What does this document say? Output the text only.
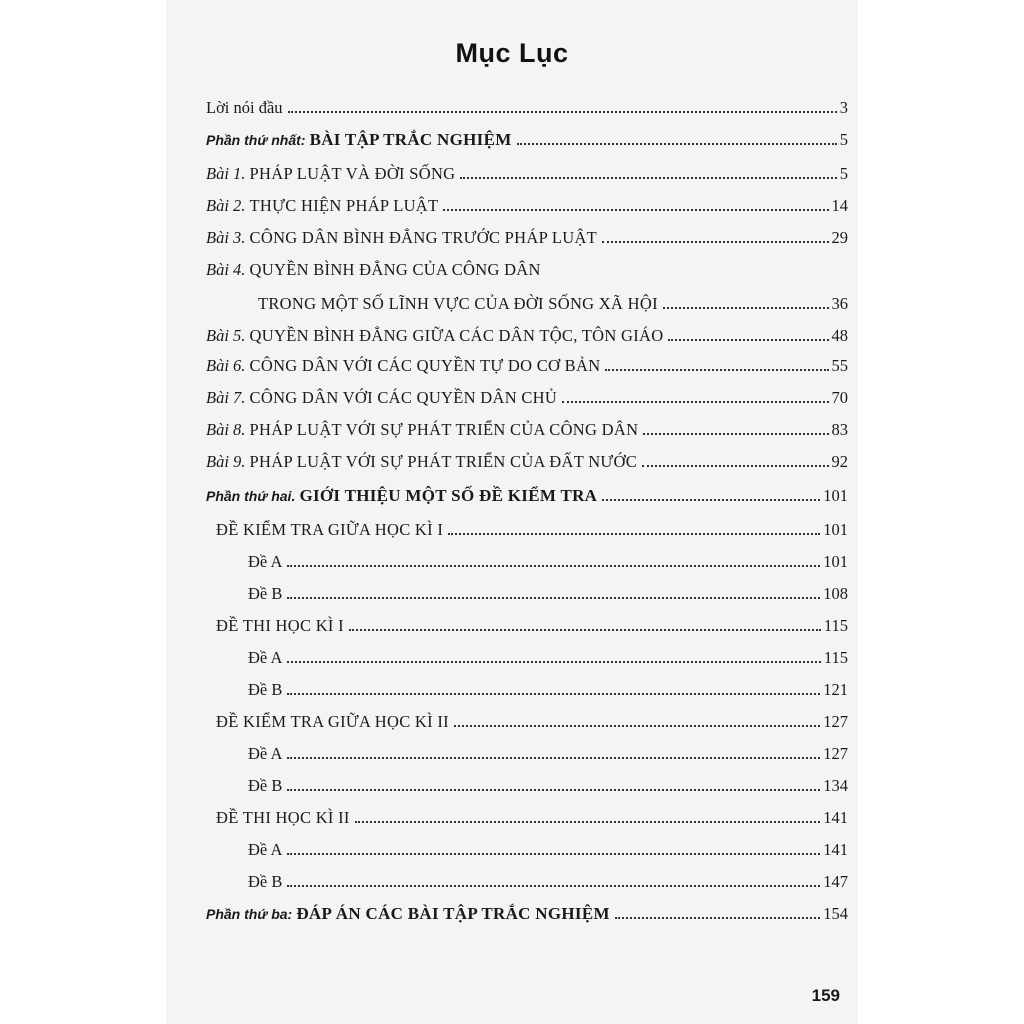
Mục Lục
Lời nói đầu	3
Phần thứ nhất: BÀI TẬP TRẮC NGHIỆM	5
Bài 1. PHÁP LUẬT VÀ ĐỜI SỐNG	5
Bài 2. THỰC HIỆN PHÁP LUẬT	14
Bài 3. CÔNG DÂN BÌNH ĐẲNG TRƯỚC PHÁP LUẬT	29
Bài 4. QUYỀN BÌNH ĐẲNG CỦA CÔNG DÂN
TRONG MỘT SỐ LĨNH VỰC CỦA ĐỜI SỐNG XÃ HỘI	36
Bài 5. QUYỀN BÌNH ĐẲNG GIỮA CÁC DÂN TỘC, TÔN GIÁO	48
Bài 6. CÔNG DÂN VỚI CÁC QUYỀN TỰ DO CƠ BẢN	55
Bài 7. CÔNG DÂN VỚI CÁC QUYỀN DÂN CHỦ	70
Bài 8. PHÁP LUẬT VỚI SỰ PHÁT TRIỂN CỦA CÔNG DÂN	83
Bài 9. PHÁP LUẬT VỚI SỰ PHÁT TRIỂN CỦA ĐẤT NƯỚC	92
Phần thứ hai. GIỚI THIỆU MỘT SỐ ĐỀ KIỂM TRA	101
ĐỀ KIỂM TRA GIỮA HỌC KÌ I	101
Đề A	101
Đề B	108
ĐỀ THI HỌC KÌ I	115
Đề A	115
Đề B	121
ĐỀ KIỂM TRA GIỮA HỌC KÌ II	127
Đề A	127
Đề B	134
ĐỀ THI HỌC KÌ II	141
Đề A	141
Đề B	147
Phần thứ ba: ĐÁP ÁN CÁC BÀI TẬP TRẮC NGHIỆM	154
159
